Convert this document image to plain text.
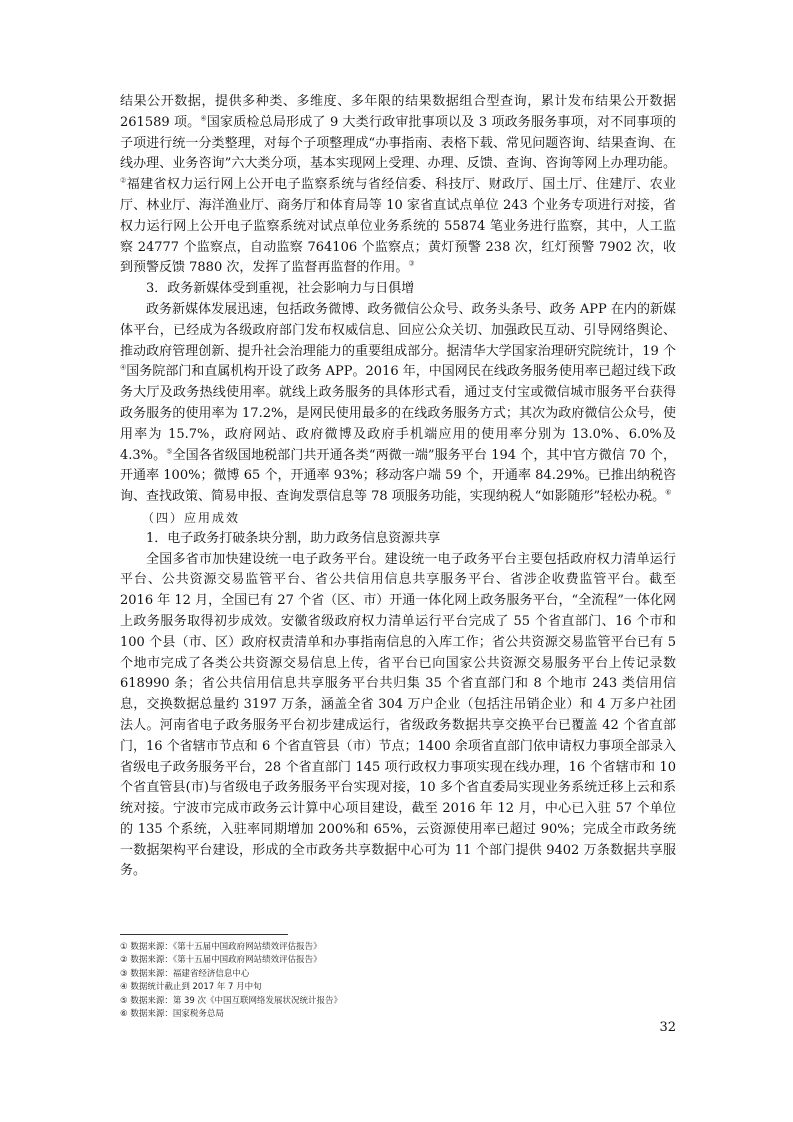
结果公开数据，提供多种类、多维度、多年限的结果数据组合型查询，累计发布结果公开数据 261589 项。④国家质检总局形成了 9 大类行政审批事项以及 3 项政务服务事项，对不同事项的子项进行统一分类整理，对每个子项整理成“办事指南、表格下载、常见问题咨询、结果查询、在线办理、业务咨询”六大类分项，基本实现网上受理、办理、反馈、查询、咨询等网上办理功能。②福建省权力运行网上公开电子监察系统与省经信委、科技厅、财政厅、国土厅、住建厅、农业厅、林业厅、海洋渔业厅、商务厅和体育局等 10 家省直试点单位 243 个业务专项进行对接，省权力运行网上公开电子监察系统对试点单位业务系统的 55874 笔业务进行监察，其中，人工监察 24777 个监察点，自动监察 764106 个监察点；黄灯预警 238 次，红灯预警 7902 次，收到预警反馈 7880 次，发挥了监督再监督的作用。③

3．政务新媒体受到重视，社会影响力与日俱增

政务新媒体发展迅速，包括政务微博、政务微信公众号、政务头条号、政务 APP 在内的新媒体平台，已经成为各级政府部门发布权威信息、回应公众关切、加强政民互动、引导网络舆论、推动政府管理创新、提升社会治理能力的重要组成部分。据清华大学国家治理研究院统计，19 个④国务院部门和直属机构开设了政务 APP。2016 年，中国网民在线政务服务使用率已超过线下政务大厅及政务热线使用率。就线上政务服务的具体形式看，通过支付宝或微信城市服务平台获得政务服务的使用率为 17.2%，是网民使用最多的在线政务服务方式；其次为政府微信公众号，使用率为 15.7%，政府网站、政府微博及政府手机端应用的使用率分别为 13.0%、6.0%及 4.3%。⑤全国各省级国地税部门共开通各类“两微一端”服务平台 194 个，其中官方微信 70 个，开通率 100%；微博 65 个，开通率 93%；移动客户端 59 个，开通率 84.29%。已推出纳税咨询、查找政策、简易申报、查询发票信息等 78 项服务功能，实现纳税人“如影随形”轻松办税。⑥

（四）应用成效

1．电子政务打破条块分割，助力政务信息资源共享

全国多省市加快建设统一电子政务平台。建设统一电子政务平台主要包括政府权力清单运行平台、公共资源交易监管平台、省公共信用信息共享服务平台、省涉企收费监管平台。截至 2016 年 12 月，全国已有 27 个省（区、市）开通一体化网上政务服务平台，“全流程”一体化网上政务服务取得初步成效。安徽省级政府权力清单运行平台完成了 55 个省直部门、16 个市和 100 个县（市、区）政府权责清单和办事指南信息的入库工作；省公共资源交易监管平台已有 5 个地市完成了各类公共资源交易信息上传，省平台已向国家公共资源交易服务平台上传记录数 618990 条；省公共信用信息共享服务平台共归集 35 个省直部门和 8 个地市 243 类信用信息，交换数据总量约 3197 万条，涵盖全省 304 万户企业（包括注吊销企业）和 4 万多户社团法人。河南省电子政务服务平台初步建成运行，省级政务数据共享交换平台已覆盖 42 个省直部门，16 个省辖市节点和 6 个省直管县（市）节点；1400 余项省直部门依申请权力事项全部录入省级电子政务服务平台，28 个省直部门 145 项行政权力事项实现在线办理，16 个省辖市和 10 个省直管县(市)与省级电子政务服务平台实现对接，10 多个省直委局实现业务系统迁移上云和系统对接。宁波市完成市政务云计算中心项目建设，截至 2016 年 12 月，中心已入驻 57 个单位的 135 个系统，入驻率同期增加 200%和 65%，云资源使用率已超过 90%；完成全市政务统一数据架构平台建设，形成的全市政务共享数据中心可为 11 个部门提供 9402 万条数据共享服务。

① 数据来源：《第十五届中国政府网站绩效评估报告》

② 数据来源：《第十五届中国政府网站绩效评估报告》

③ 数据来源：福建省经济信息中心

④ 数据统计截止到 2017 年 7 月中旬

⑤ 数据来源：第 39 次《中国互联网络发展状况统计报告》

⑥ 数据来源：国家税务总局

32
